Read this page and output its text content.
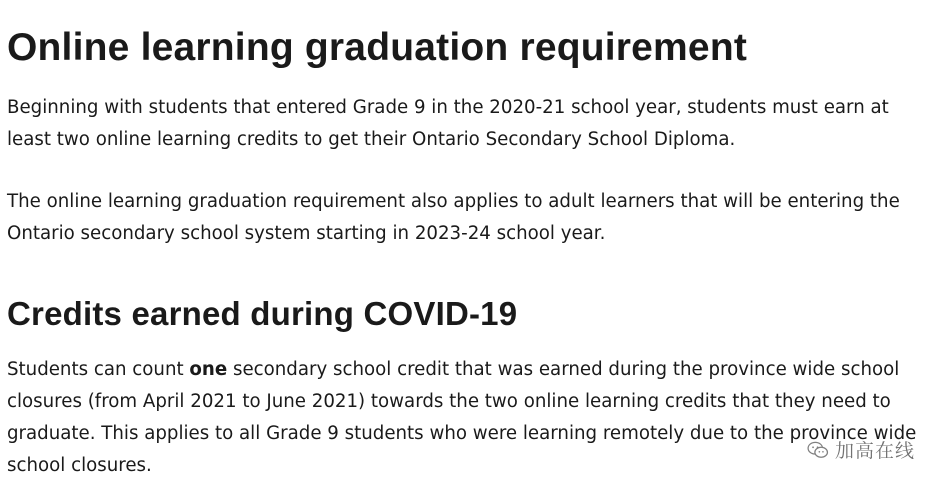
Online learning graduation requirement

Beginning with students that entered Grade 9 in the 2020-21 school year, students must earn at least two online learning credits to get their Ontario Secondary School Diploma.

The online learning graduation requirement also applies to adult learners that will be entering the Ontario secondary school system starting in 2023-24 school year.

Credits earned during COVID-19

Students can count one secondary school credit that was earned during the province wide school closures (from April 2021 to June 2021) towards the two online learning credits that they need to graduate. This applies to all Grade 9 students who were learning remotely due to the province wide school closures.

加高在线
